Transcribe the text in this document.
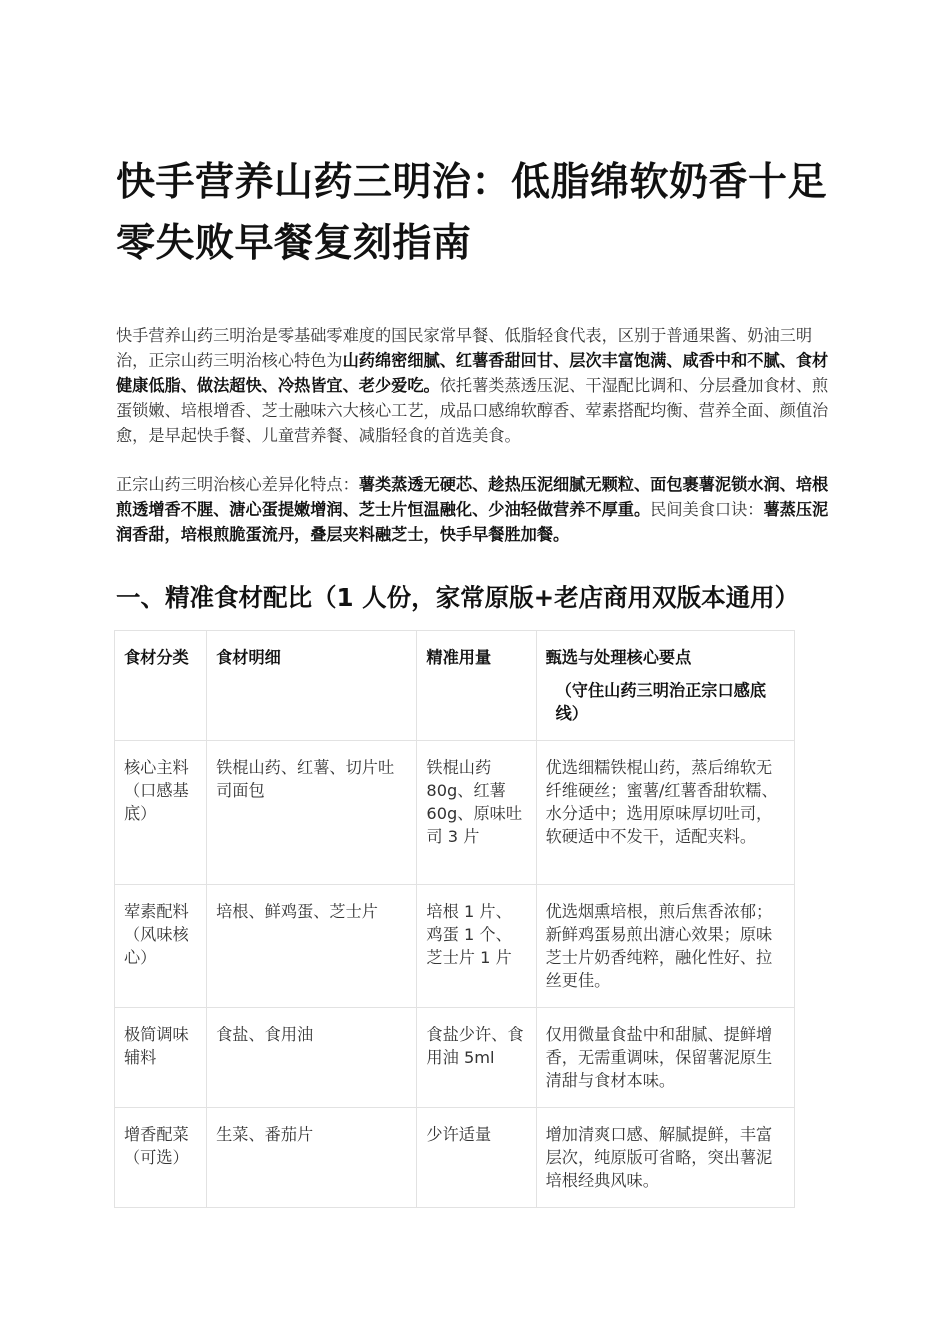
快手营养山药三明治：低脂绵软奶香十足零失败早餐复刻指南

快手营养山药三明治是零基础零难度的国民家常早餐、低脂轻食代表，区别于普通果酱、奶油三明治，正宗山药三明治核心特色为山药绵密细腻、红薯香甜回甘、层次丰富饱满、咸香中和不腻、食材健康低脂、做法超快、冷热皆宜、老少爱吃。依托薯类蒸透压泥、干湿配比调和、分层叠加食材、煎蛋锁嫩、培根增香、芝士融味六大核心工艺，成品口感绵软醇香、荤素搭配均衡、营养全面、颜值治愈，是早起快手餐、儿童营养餐、减脂轻食的首选美食。

正宗山药三明治核心差异化特点：薯类蒸透无硬芯、趁热压泥细腻无颗粒、面包裹薯泥锁水润、培根煎透增香不腥、溏心蛋提嫩增润、芝士片恒温融化、少油轻做营养不厚重。民间美食口诀：薯蒸压泥润香甜，培根煎脆蛋流丹，叠层夹料融芝士，快手早餐胜加餐。

一、精准食材配比（1 人份，家常原版+老店商用双版本通用）
食材分类	食材明细	精准用量	甄选与处理核心要点
（守住山药三明治正宗口感底线）

核心主料（口感基底）	铁棍山药、红薯、切片吐司面包	铁棍山药 80g、红薯 60g、原味吐司 3 片	优选细糯铁棍山药，蒸后绵软无纤维硬丝；蜜薯/红薯香甜软糯、水分适中；选用原味厚切吐司，软硬适中不发干，适配夹料。
荤素配料（风味核心）	培根、鲜鸡蛋、芝士片	培根 1 片、鸡蛋 1 个、芝士片 1 片	优选烟熏培根，煎后焦香浓郁；新鲜鸡蛋易煎出溏心效果；原味芝士片奶香纯粹，融化性好、拉丝更佳。
极简调味辅料	食盐、食用油	食盐少许、食用油 5ml	仅用微量食盐中和甜腻、提鲜增香，无需重调味，保留薯泥原生清甜与食材本味。
增香配菜（可选）	生菜、番茄片	少许适量	增加清爽口感、解腻提鲜，丰富层次，纯原版可省略，突出薯泥培根经典风味。
